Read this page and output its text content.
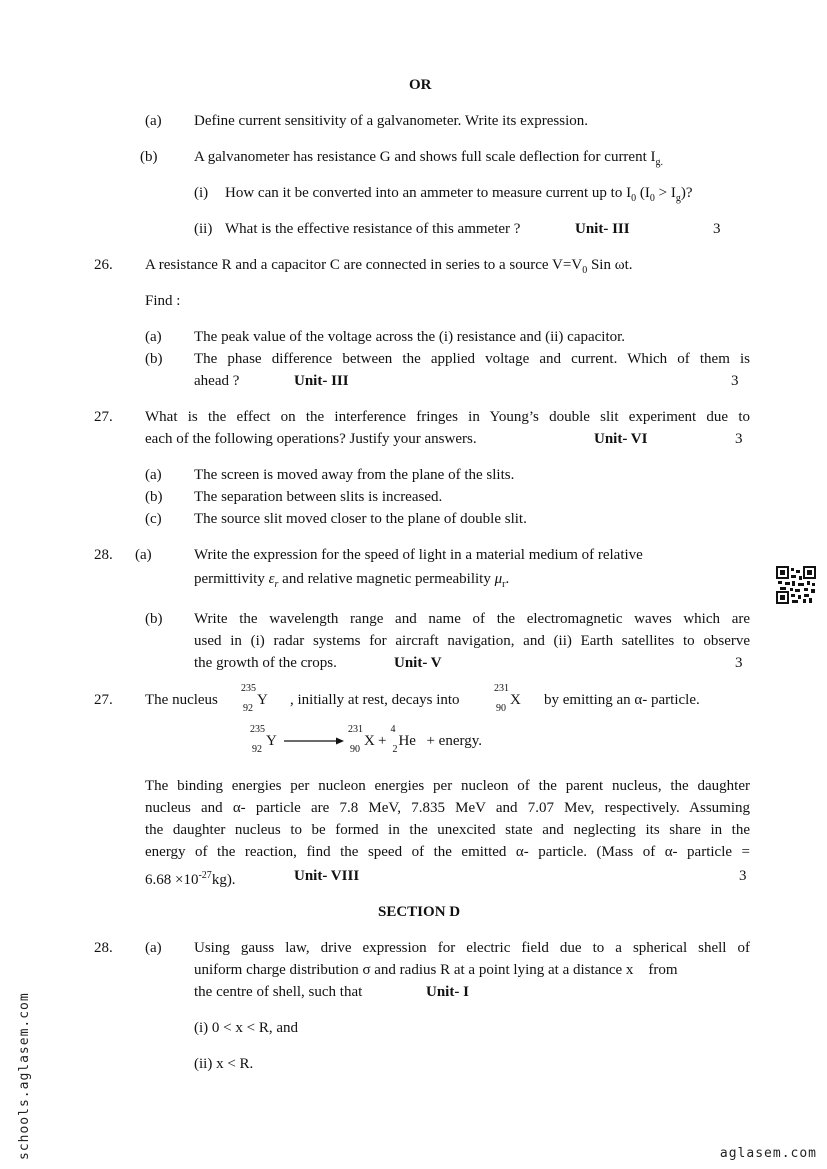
OR
(a) Define current sensitivity of a galvanometer. Write its expression.
(b) A galvanometer has resistance G and shows full scale deflection for current $I_{g.}$
(i) How can it be converted into an ammeter to measure current up to $I_0$ $(I_0 > I_g)$?
(ii) What is the effective resistance of this ammeter ?	Unit- III	3
26. A resistance R and a capacitor C are connected in series to a source $V=V_0$ Sin ωt.
Find :
(a) The peak value of the voltage across the (i) resistance and (ii) capacitor.
(b) The phase difference between the applied voltage and current. Which of them is
ahead ?	Unit- III	3
27. What is the effect on the interference fringes in Young’s double slit experiment due to
each of the following operations? Justify your answers.	Unit- VI	3
(a) The screen is moved away from the plane of the slits.
(b) The separation between slits is increased.
(c) The source slit moved closer to the plane of double slit.
28. (a)	Write the expression for the speed of light in a material medium of relative
permittivity $\varepsilon_r$ and relative magnetic permeability $\mu_r$.
(b) Write the wavelength range and name of the electromagnetic waves which are
used in (i) radar systems for aircraft navigation, and (ii) Earth satellites to observe
the growth of the crops.	Unit- V	3
27. The nucleus
235
92
Y , initially at rest, decays into
231
90
X by emitting an α- particle.
235
92
Y →
231
90
X +
4
2
He + energy.
The binding energies per nucleon energies per nucleon of the parent nucleus, the daughter
nucleus and α- particle are 7.8 MeV, 7.835 MeV and 7.07 Mev, respectively. Assuming
the daughter nucleus to be formed in the unexcited state and neglecting its share in the
energy of the reaction, find the speed of the emitted α- particle. (Mass of α- particle =
$6.68 \times 10^{-27}kg$).	Unit- VIII	3
SECTION D
28. (a) Using gauss law, drive expression for electric field due to a spherical shell of
uniform charge distribution σ and radius R at a point lying at a distance x    from
the centre of shell, such that	Unit- I
(i) 0 < x < R, and
(ii) x < R.
schools.aglasem.com	aglasem.com
